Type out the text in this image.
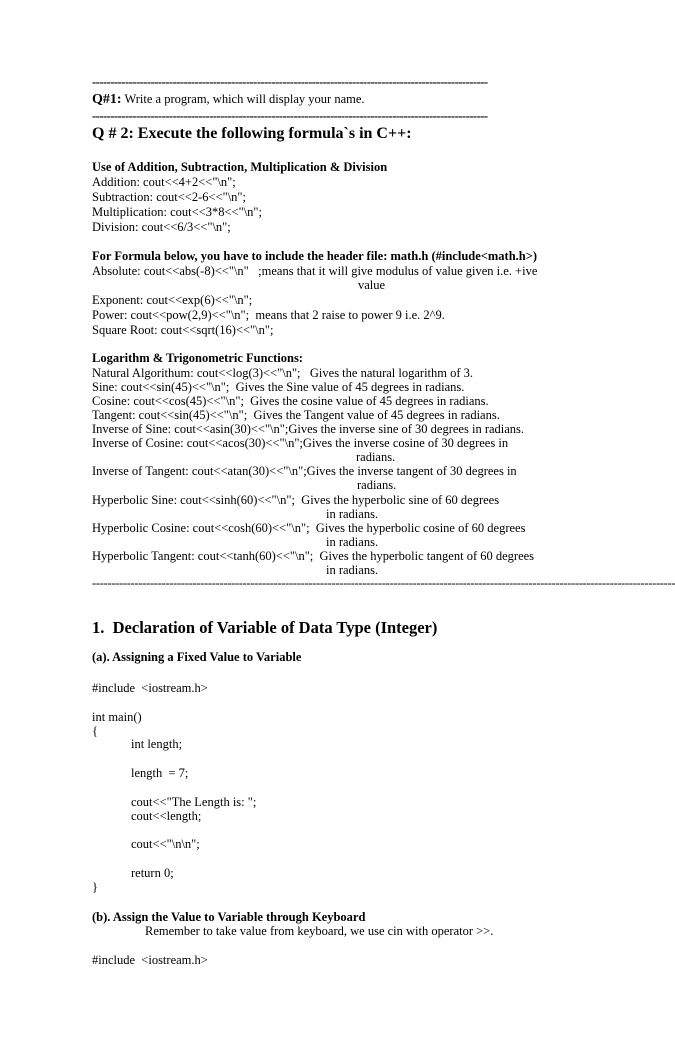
------------------------------------------------------------------------------------------------------------
Q#1: Write a program, which will display your name.
------------------------------------------------------------------------------------------------------------
Q # 2: Execute the following formula`s in C++:
Use of Addition, Subtraction, Multiplication & Division
Addition: cout<<4+2<<"\n";
Subtraction: cout<<2-6<<"\n";
Multiplication: cout<<3*8<<"\n";
Division: cout<<6/3<<"\n";
For Formula below, you have to include the header file: math.h (#include<math.h>)
Absolute: cout<<abs(-8)<<"\n"   ;means that it will give modulus of value given i.e. +ive
value
Exponent: cout<<exp(6)<<"\n";
Power: cout<<pow(2,9)<<"\n";  means that 2 raise to power 9 i.e. 2^9.
Square Root: cout<<sqrt(16)<<"\n";
Logarithm & Trigonometric Functions:
Natural Algorithum: cout<<log(3)<<"\n";   Gives the natural logarithm of 3.
Sine: cout<<sin(45)<<"\n";  Gives the Sine value of 45 degrees in radians.
Cosine: cout<<cos(45)<<"\n";  Gives the cosine value of 45 degrees in radians.
Tangent: cout<<sin(45)<<"\n";  Gives the Tangent value of 45 degrees in radians.
Inverse of Sine: cout<<asin(30)<<"\n";Gives the inverse sine of 30 degrees in radians.
Inverse of Cosine: cout<<acos(30)<<"\n";Gives the inverse cosine of 30 degrees in
radians.
Inverse of Tangent: cout<<atan(30)<<"\n";Gives the inverse tangent of 30 degrees in
radians.
Hyperbolic Sine: cout<<sinh(60)<<"\n";  Gives the hyperbolic sine of 60 degrees
in radians.
Hyperbolic Cosine: cout<<cosh(60)<<"\n";  Gives the hyperbolic cosine of 60 degrees
in radians.
Hyperbolic Tangent: cout<<tanh(60)<<"\n";  Gives the hyperbolic tangent of 60 degrees
in radians.
-------------------------------------------------------------------------------------------------------------------------------------------------------
1.  Declaration of Variable of Data Type (Integer)
(a). Assigning a Fixed Value to Variable
#include  <iostream.h>
int main()
{
int length;
length  = 7;
cout<<"The Length is: ";
cout<<length;
cout<<"\n\n";
return 0;
}
(b). Assign the Value to Variable through Keyboard
Remember to take value from keyboard, we use cin with operator >>.
#include  <iostream.h>
